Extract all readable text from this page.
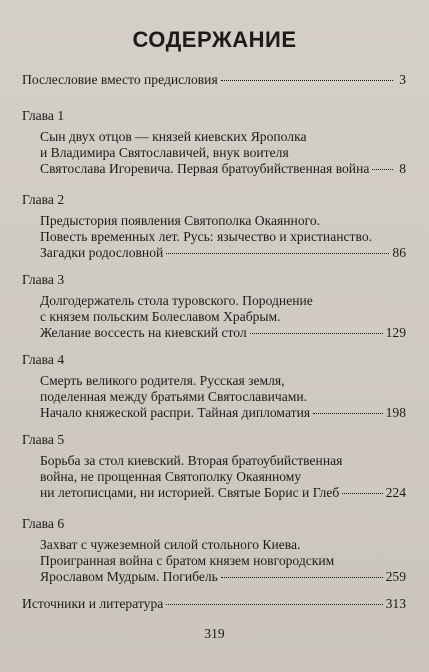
СОДЕРЖАНИЕ
Послесловие вместо предисловия	3
Глава 1
Сын двух отцов — князей киевских Ярополка
и Владимира Святославичей, внук воителя
Святослава Игоревича. Первая братоубийственная война 8
Глава 2
Предыстория появления Святополка Окаянного.
Повесть временных лет. Русь: язычество и христианство.
Загадки родословной	86
Глава 3
Долгодержатель стола туровского. Породнение
с князем польским Болеславом Храбрым.
Желание воссесть на киевский стол	129
Глава 4
Смерть великого родителя. Русская земля,
поделенная между братьями Святославичами.
Начало княжеской распри. Тайная дипломатия	198
Глава 5
Борьба за стол киевский. Вторая братоубийственная
война, не прощенная Святополку Окаянному
ни летописцами, ни историей. Святые Борис и Глеб	224
Глава 6
Захват с чужеземной силой стольного Киева.
Проигранная война с братом князем новгородским
Ярославом Мудрым. Погибель	259
Источники и литература	313
319
